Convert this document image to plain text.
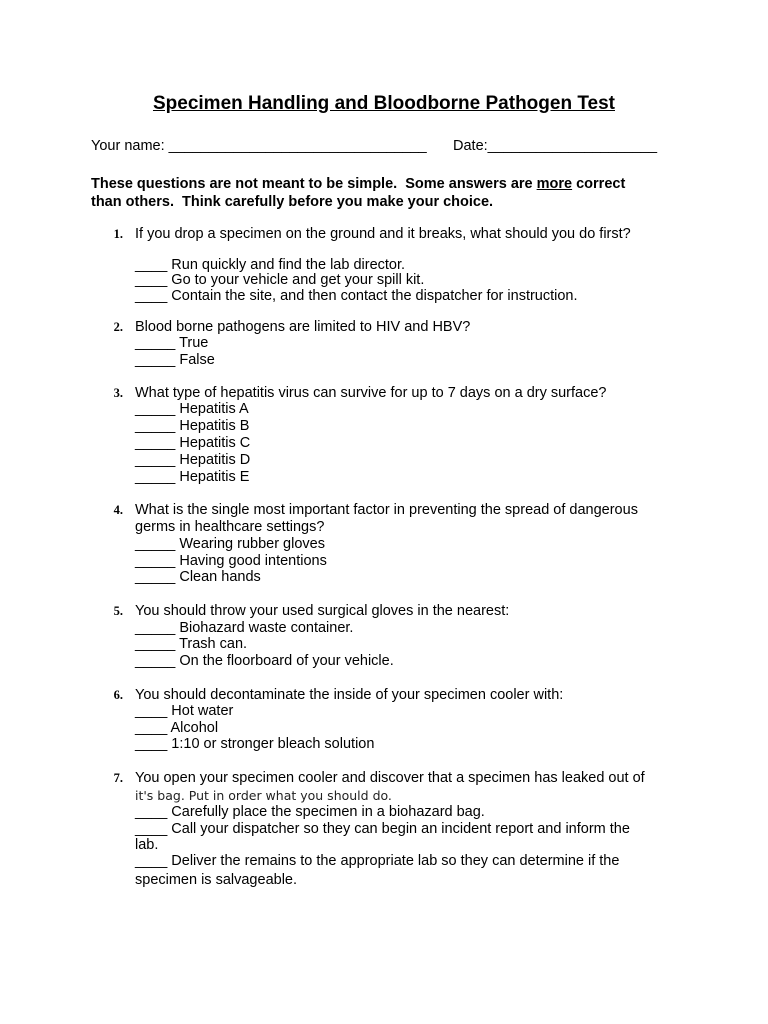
Specimen Handling and Bloodborne Pathogen Test
Your name: ________________________________ Date:_____________________
These questions are not meant to be simple.  Some answers are more correct
than others.  Think carefully before you make your choice.
1. If you drop a specimen on the ground and it breaks, what should you do first?
____ Run quickly and find the lab director.
____ Go to your vehicle and get your spill kit.
____ Contain the site, and then contact the dispatcher for instruction.
2. Blood borne pathogens are limited to HIV and HBV?
_____ True
_____ False
3. What type of hepatitis virus can survive for up to 7 days on a dry surface?
_____ Hepatitis A
_____ Hepatitis B
_____ Hepatitis C
_____ Hepatitis D
_____ Hepatitis E
4. What is the single most important factor in preventing the spread of dangerous
germs in healthcare settings?
_____ Wearing rubber gloves
_____ Having good intentions
_____ Clean hands
5. You should throw your used surgical gloves in the nearest:
_____ Biohazard waste container.
_____ Trash can.
_____ On the floorboard of your vehicle.
6. You should decontaminate the inside of your specimen cooler with:
____ Hot water
____ Alcohol
____ 1:10 or stronger bleach solution
7. You open your specimen cooler and discover that a specimen has leaked out of
it's bag. Put in order what you should do.
____ Carefully place the specimen in a biohazard bag.
____ Call your dispatcher so they can begin an incident report and inform the
lab.
____ Deliver the remains to the appropriate lab so they can determine if the
specimen is salvageable.
